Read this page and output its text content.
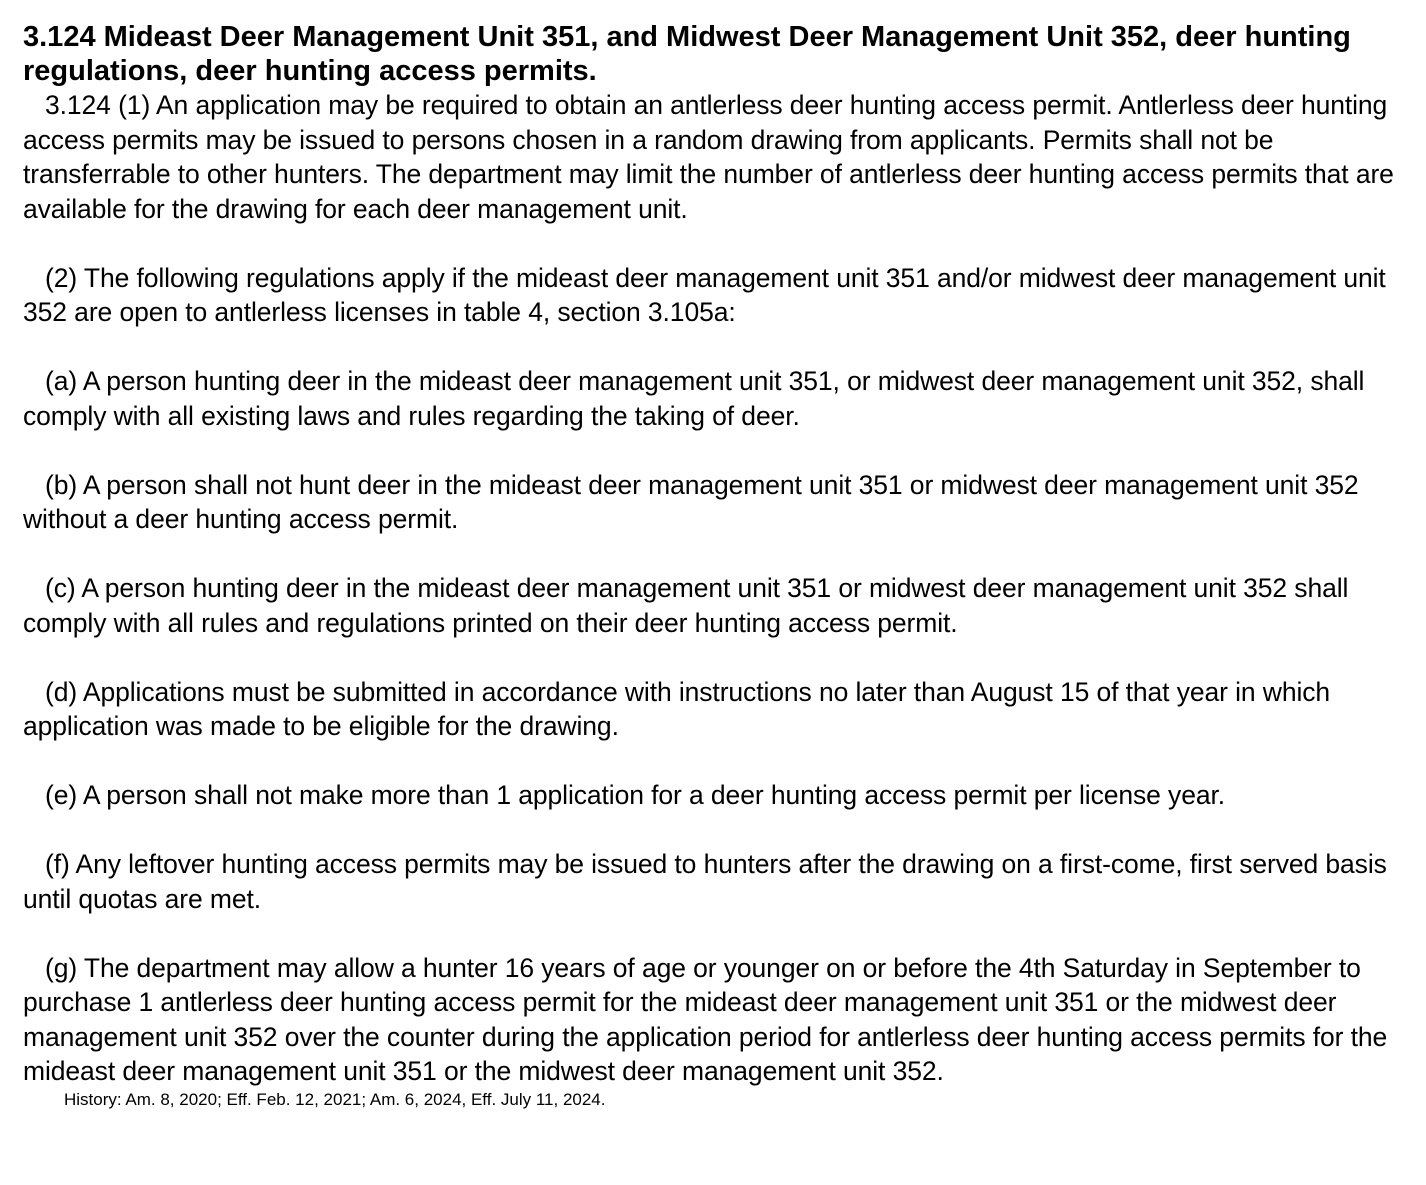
3.124 Mideast Deer Management Unit 351, and Midwest Deer Management Unit 352, deer hunting regulations, deer hunting access permits.

3.124 (1) An application may be required to obtain an antlerless deer hunting access permit. Antlerless deer hunting access permits may be issued to persons chosen in a random drawing from applicants. Permits shall not be transferrable to other hunters. The department may limit the number of antlerless deer hunting access permits that are available for the drawing for each deer management unit.

(2) The following regulations apply if the mideast deer management unit 351 and/or midwest deer management unit 352 are open to antlerless licenses in table 4, section 3.105a:

(a) A person hunting deer in the mideast deer management unit 351, or midwest deer management unit 352, shall comply with all existing laws and rules regarding the taking of deer.

(b) A person shall not hunt deer in the mideast deer management unit 351 or midwest deer management unit 352 without a deer hunting access permit.

(c) A person hunting deer in the mideast deer management unit 351 or midwest deer management unit 352 shall comply with all rules and regulations printed on their deer hunting access permit.

(d) Applications must be submitted in accordance with instructions no later than August 15 of that year in which application was made to be eligible for the drawing.

(e) A person shall not make more than 1 application for a deer hunting access permit per license year.

(f) Any leftover hunting access permits may be issued to hunters after the drawing on a first-come, first served basis until quotas are met.

(g) The department may allow a hunter 16 years of age or younger on or before the 4th Saturday in September to purchase 1 antlerless deer hunting access permit for the mideast deer management unit 351 or the midwest deer management unit 352 over the counter during the application period for antlerless deer hunting access permits for the mideast deer management unit 351 or the midwest deer management unit 352.

History: Am. 8, 2020; Eff. Feb. 12, 2021; Am. 6, 2024, Eff. July 11, 2024.
